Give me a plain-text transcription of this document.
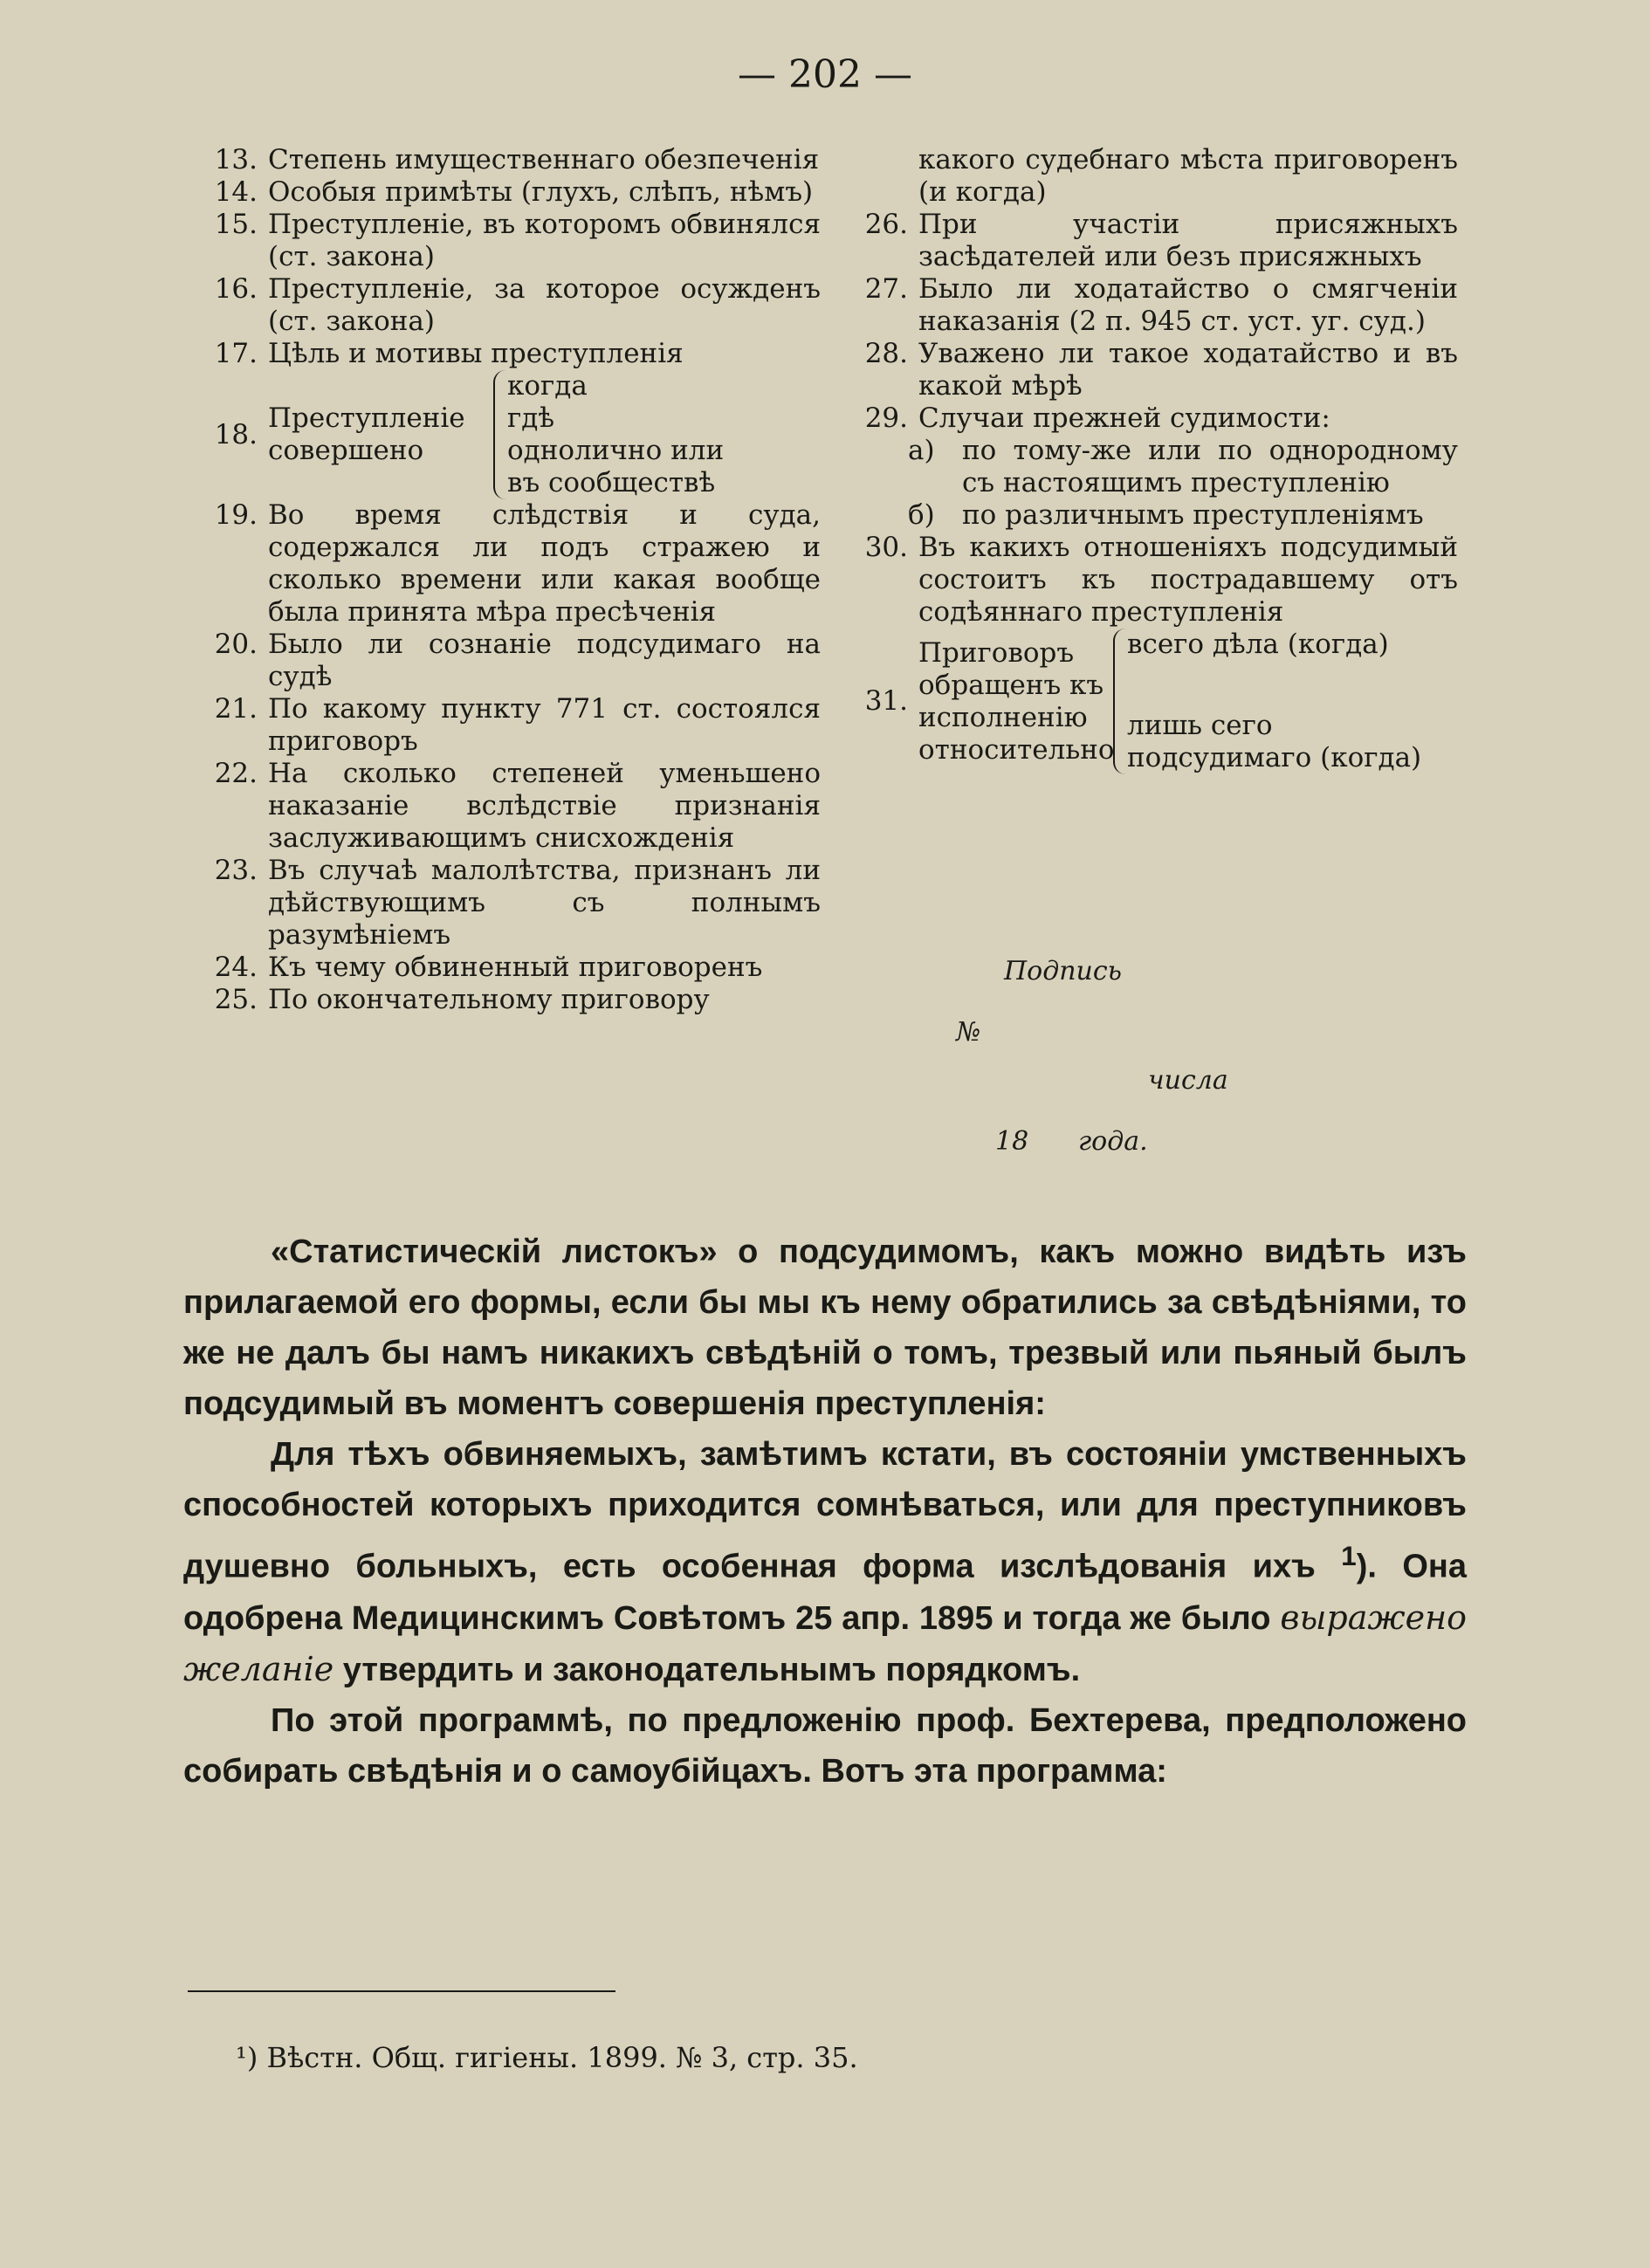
— 202 —
13. Степень имущественнаго обезпеченія
14. Особыя примѣты (глухъ, слѣпъ, нѣмъ)
15. Преступленіе, въ которомъ обвинялся (ст. закона)
16. Преступленіе, за которое осужденъ (ст. закона)
17. Цѣль и мотивы преступленія
18.
Преступленіе совершено
когда
гдѣ
однолично или
въ сообществѣ
19. Во время слѣдствія и суда, содержался ли подъ стражею и сколько времени или какая вообще была принята мѣра пресѣченія
20. Было ли сознаніе подсудимаго на судѣ
21. По какому пункту 771 ст. состоялся приговоръ
22. На сколько степеней уменьшено наказаніе вслѣдствіе признанія заслуживающимъ снисхожденія
23. Въ случаѣ малолѣтства, признанъ ли дѣйствующимъ съ полнымъ разумѣніемъ
24. Къ чему обвиненный приговоренъ
25. По окончательному приговору
какого судебнаго мѣста приговоренъ (и когда)
26. При участіи присяжныхъ засѣдателей или безъ присяжныхъ
27. Было ли ходатайство о смягченіи наказанія (2 п. 945 ст. уст. уг. суд.)
28. Уважено ли такое ходатайство и въ какой мѣрѣ
29. Случаи прежней судимости:
а)	по тому-же или по однородному съ настоящимъ преступленію
б)	по различнымъ преступленіямъ
30. Въ какихъ отношеніяхъ подсудимый состоитъ къ пострадавшему отъ содѣяннаго преступленія
31.
Приговоръ обращенъ къ исполненію относительно
всего дѣла (когда)
лишь сего подсудимаго (когда)
Подпись
№
числа
18 года.

«Статистическій листокъ» о подсудимомъ, какъ можно видѣть изъ прилагаемой его формы, если бы мы къ нему обратились за свѣдѣніями, то же не далъ бы намъ никакихъ свѣдѣній о томъ, трезвый или пьяный былъ подсудимый въ моментъ совершенія преступленія:

Для тѣхъ обвиняемыхъ, замѣтимъ кстати, въ состояніи умственныхъ способностей которыхъ приходится сомнѣваться, или для преступниковъ душевно больныхъ, есть особенная форма изслѣдованія ихъ $^1$). Она одобрена Медицинскимъ Совѣтомъ 25 апр. 1895 и тогда же было выражено желаніе утвердить и законодательнымъ порядкомъ.

По этой программѣ, по предложенію проф. Бехтерева, предположено собирать свѣдѣнія и о самоубійцахъ. Вотъ эта программа:

¹) Вѣстн. Общ. гигіены. 1899. № 3, стр. 35.
